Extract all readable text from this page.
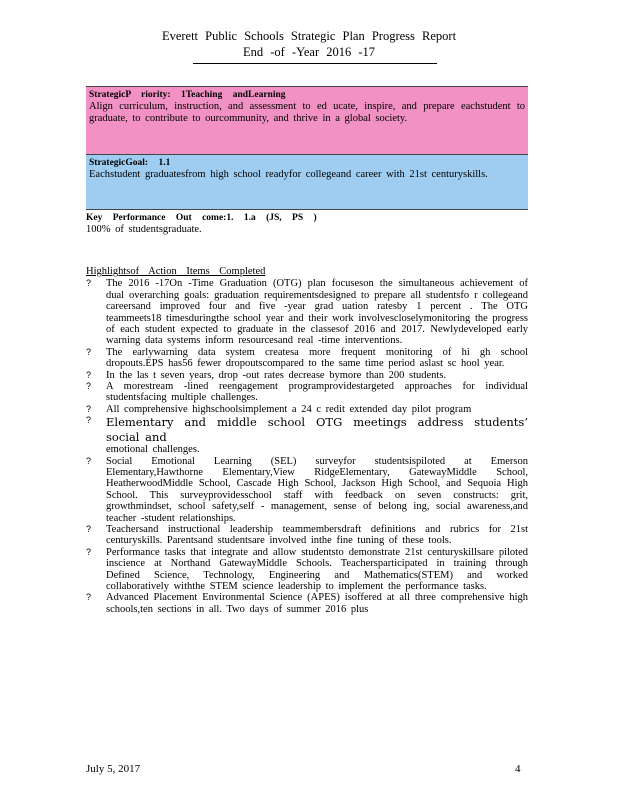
Everett Public Schools Strategic Plan Progress Report
End -of -Year 2016 -17
StrategicP riority: 1Teaching andLearning
Align curriculum, instruction, and assessment to ed ucate, inspire, and prepare eachstudent to graduate, to contribute to ourcommunity, and thrive in a global society.
StrategicGoal: 1.1
Eachstudent graduatesfrom high school readyfor collegeand career with 21st centuryskills.
Key Performance Out come:1. 1.a (JS, PS )
100% of studentsgraduate.
Highlightsof Action Items Completed
? The 2016 -17On -Time Graduation (OTG) plan focuseson the simultaneous achievement of dual overarching goals: graduation requirementsdesigned to prepare all studentsfo r collegeand careersand improved four and five -year grad uation ratesby 1 percent . The OTG teammeets18 timesduringthe school year and their work involvescloselymonitoring the progress of each student expected to graduate in the classesof 2016 and 2017. Newlydeveloped early warning data systems inform resourcesand real -time interventions.
? The earlywarning data system createsa more frequent monitoring of hi gh school dropouts.EPS has56 fewer dropoutscompared to the same time period aslast sc hool year.
? In the las t seven years, drop -out rates decrease bymore than 200 students.
? A morestream -lined reengagement programprovidestargeted approaches for individual studentsfacing multiple challenges.
? All comprehensive highschoolsimplement a 24 c redit extended day pilot program
? Elementary and middle school OTG meetings address students’ social and
emotional challenges.
? Social Emotional Learning (SEL) surveyfor studentsispiloted at Emerson Elementary,Hawthorne Elementary,View RidgeElementary, GatewayMiddle School, HeatherwoodMiddle School, Cascade High School, Jackson High School, and Sequoia High School. This surveyprovidesschool staff with feedback on seven constructs: grit, growthmindset, school safety,self - management, sense of belong ing, social awareness,and teacher -student relationships.
? Teachersand instructional leadership teammembersdraft definitions and rubrics for 21st centuryskills. Parentsand studentsare involved inthe fine tuning of these tools.
? Performance tasks that integrate and allow studentsto demonstrate 21st centuryskillsare piloted inscience at Northand GatewayMiddle Schools. Teachersparticipated in training through Defined Science, Technology, Engineering and Mathematics(STEM) and worked collaboratively withthe STEM science leadership to implement the performance tasks.
? Advanced Placement Environmental Science (APES) isoffered at all three comprehensive high schools,ten sections in all. Two days of summer 2016 plus
July 5, 2017	4
